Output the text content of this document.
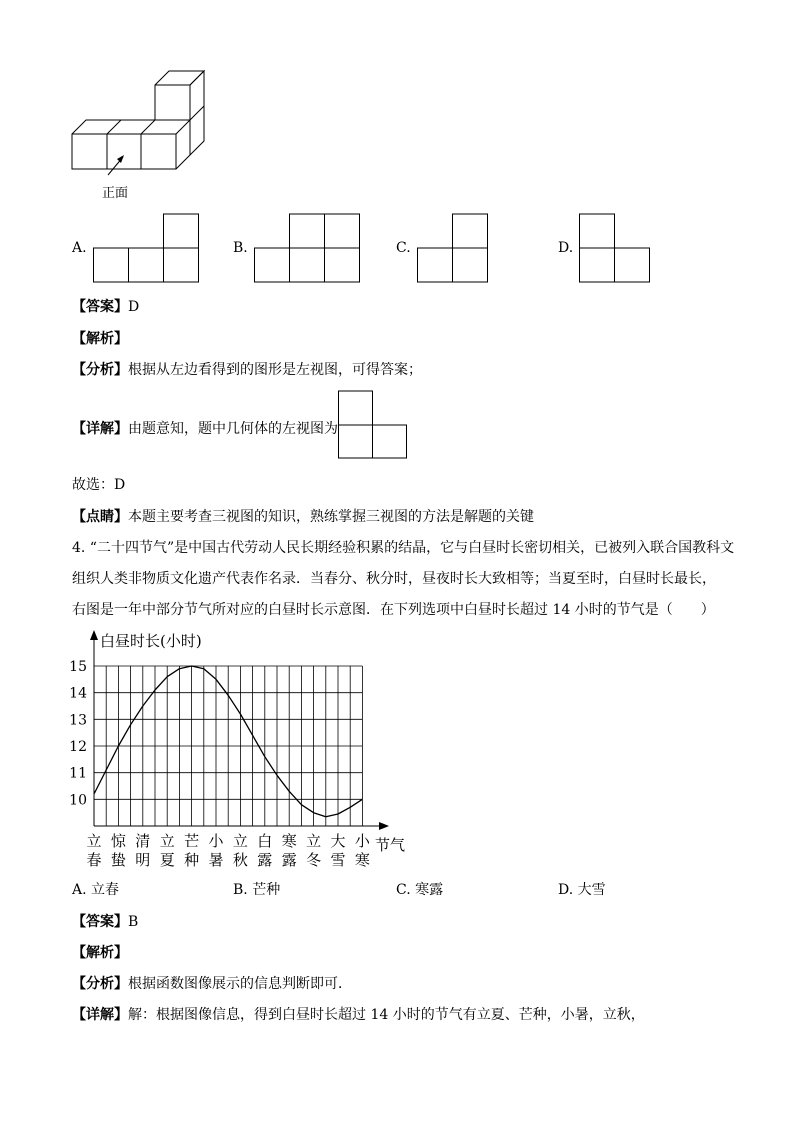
正面
A.	B.	C.	D.
【答案】D
【解析】
【分析】根据从左边看得到的图形是左视图，可得答案；
【详解】由题意知，题中几何体的左视图为
故选：D
【点睛】本题主要考查三视图的知识，熟练掌握三视图的方法是解题的关键
4. “二十四节气”是中国古代劳动人民长期经验积累的结晶，它与白昼时长密切相关，已被列入联合国教科文
组织人类非物质文化遗产代表作名录．当春分、秋分时，昼夜时长大致相等；当夏至时，白昼时长最长，
右图是一年中部分节气所对应的白昼时长示意图．在下列选项中白昼时长超过 14 小时的节气是（　　）
15
14
13
12
11
10
白昼时长(小时)
节气
立
春
惊
蛰
清
明
立
夏
芒
种
小
暑
立
秋
白
露
寒
露
立
冬
大
雪
小
寒
A. 立春	B. 芒种	C. 寒露	D. 大雪
【答案】B
【解析】
【分析】根据函数图像展示的信息判断即可．
【详解】解：根据图像信息，得到白昼时长超过 14 小时的节气有立夏、芒种，小暑，立秋，
